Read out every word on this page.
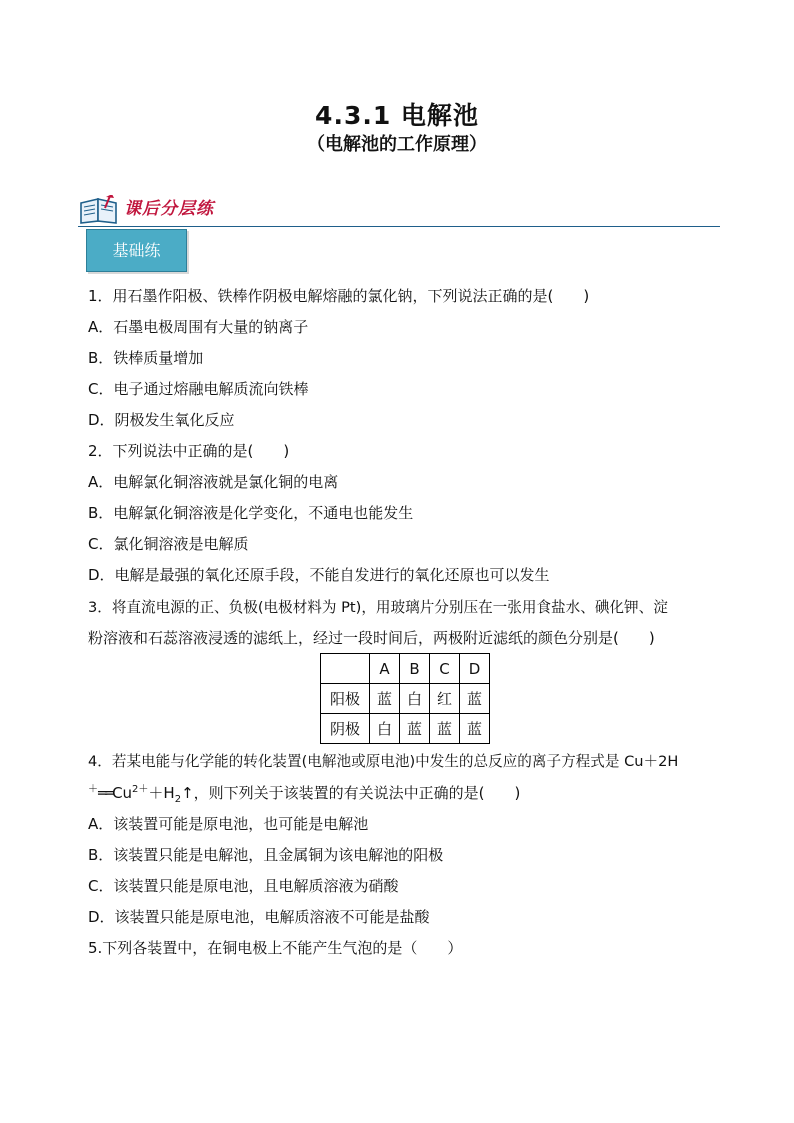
4.3.1 电解池
（电解池的工作原理）
课后分层练
基础练
1．用石墨作阳极、铁棒作阴极电解熔融的氯化钠，下列说法正确的是(　　)
A．石墨电极周围有大量的钠离子
B．铁棒质量增加
C．电子通过熔融电解质流向铁棒
D．阴极发生氧化反应
2．下列说法中正确的是(　　)
A．电解氯化铜溶液就是氯化铜的电离
B．电解氯化铜溶液是化学变化，不通电也能发生
C．氯化铜溶液是电解质
D．电解是最强的氧化还原手段，不能自发进行的氧化还原也可以发生
3．将直流电源的正、负极(电极材料为 Pt)，用玻璃片分别压在一张用食盐水、碘化钾、淀
粉溶液和石蕊溶液浸透的滤纸上，经过一段时间后，两极附近滤纸的颜色分别是(　　)
	A	B	C	D
阳极	蓝	白	红	蓝
阴极	白	蓝	蓝	蓝
4．若某电能与化学能的转化装置(电解池或原电池)中发生的总反应的离子方程式是 Cu＋2H
$^+══Cu^{2+}+H_2↑$，则下列关于该装置的有关说法中正确的是(　　)
A．该装置可能是原电池，也可能是电解池
B．该装置只能是电解池，且金属铜为该电解池的阳极
C．该装置只能是原电池，且电解质溶液为硝酸
D．该装置只能是原电池，电解质溶液不可能是盐酸
5.下列各装置中，在铜电极上不能产生气泡的是（　　）
